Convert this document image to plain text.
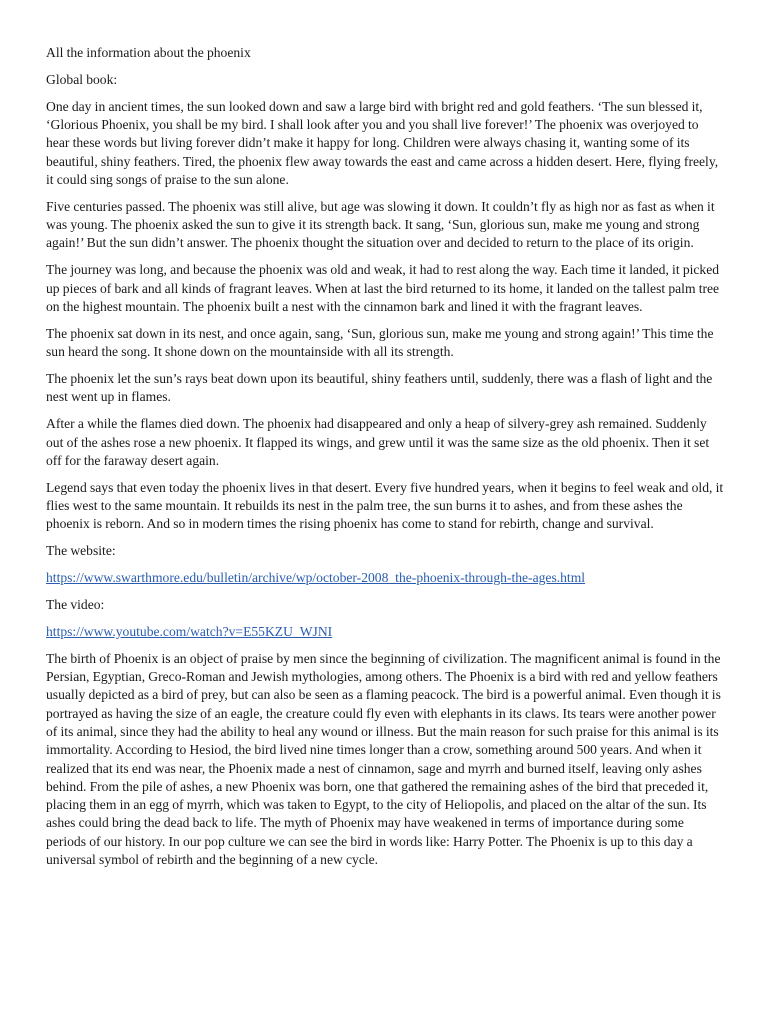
All the information about the phoenix

Global book:

One day in ancient times, the sun looked down and saw a large bird with bright red and gold feathers. ‘The sun blessed it, ‘Glorious Phoenix, you shall be my bird. I shall look after you and you shall live forever!’ The phoenix was overjoyed to hear these words but living forever didn’t make it happy for long. Children were always chasing it, wanting some of its beautiful, shiny feathers. Tired, the phoenix flew away towards the east and came across a hidden desert. Here, flying freely, it could sing songs of praise to the sun alone.

Five centuries passed. The phoenix was still alive, but age was slowing it down. It couldn’t fly as high nor as fast as when it was young. The phoenix asked the sun to give it its strength back. It sang, ‘Sun, glorious sun, make me young and strong again!’ But the sun didn’t answer. The phoenix thought the situation over and decided to return to the place of its origin.

The journey was long, and because the phoenix was old and weak, it had to rest along the way. Each time it landed, it picked up pieces of bark and all kinds of fragrant leaves. When at last the bird returned to its home, it landed on the tallest palm tree on the highest mountain. The phoenix built a nest with the cinnamon bark and lined it with the fragrant leaves.

The phoenix sat down in its nest, and once again, sang, ‘Sun, glorious sun, make me young and strong again!’ This time the sun heard the song. It shone down on the mountainside with all its strength.

The phoenix let the sun’s rays beat down upon its beautiful, shiny feathers until, suddenly, there was a flash of light and the nest went up in flames.

After a while the flames died down. The phoenix had disappeared and only a heap of silvery-grey ash remained. Suddenly out of the ashes rose a new phoenix. It flapped its wings, and grew until it was the same size as the old phoenix. Then it set off for the faraway desert again.

Legend says that even today the phoenix lives in that desert. Every five hundred years, when it begins to feel weak and old, it flies west to the same mountain. It rebuilds its nest in the palm tree, the sun burns it to ashes, and from these ashes the phoenix is reborn. And so in modern times the rising phoenix has come to stand for rebirth, change and survival.

The website:

https://www.swarthmore.edu/bulletin/archive/wp/october-2008_the-phoenix-through-the-ages.html

The video:

https://www.youtube.com/watch?v=E55KZU_WJNI

The birth of Phoenix is an object of praise by men since the beginning of civilization. The magnificent animal is found in the Persian, Egyptian, Greco-Roman and Jewish mythologies, among others. The Phoenix is a bird with red and yellow feathers usually depicted as a bird of prey, but can also be seen as a flaming peacock. The bird is a powerful animal. Even though it is portrayed as having the size of an eagle, the creature could fly even with elephants in its claws. Its tears were another power of its animal, since they had the ability to heal any wound or illness. But the main reason for such praise for this animal is its immortality. According to Hesiod, the bird lived nine times longer than a crow, something around 500 years. And when it realized that its end was near, the Phoenix made a nest of cinnamon, sage and myrrh and burned itself, leaving only ashes behind. From the pile of ashes, a new Phoenix was born, one that gathered the remaining ashes of the bird that preceded it, placing them in an egg of myrrh, which was taken to Egypt, to the city of Heliopolis, and placed on the altar of the sun. Its ashes could bring the dead back to life. The myth of Phoenix may have weakened in terms of importance during some periods of our history. In our pop culture we can see the bird in words like: Harry Potter. The Phoenix is up to this day a universal symbol of rebirth and the beginning of a new cycle.
